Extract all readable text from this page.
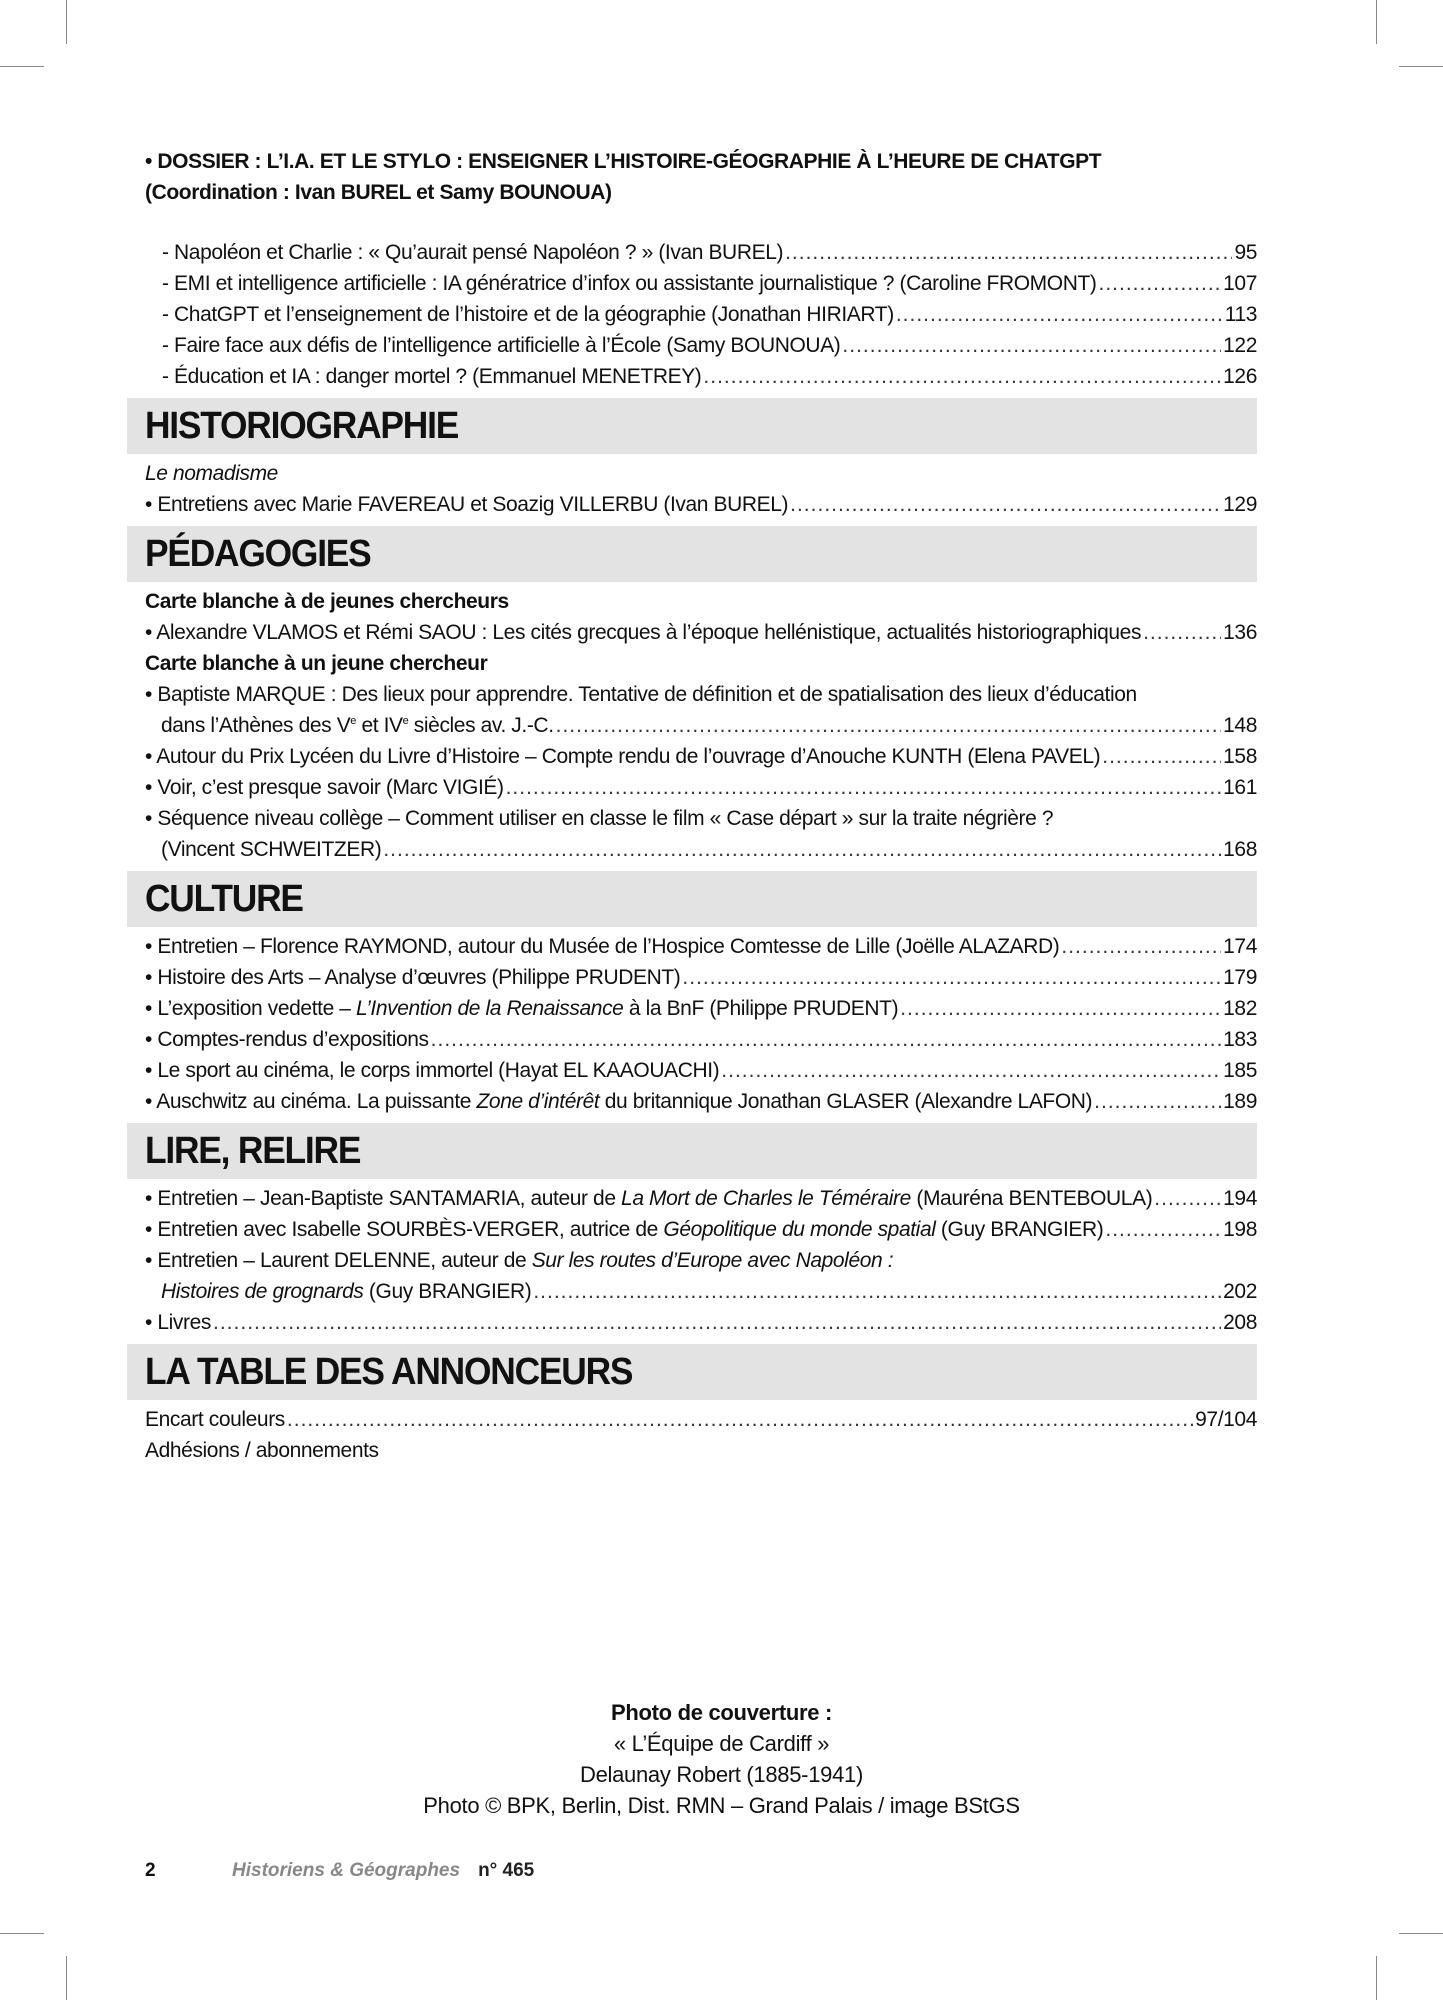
• DOSSIER : L’I.A. ET LE STYLO : ENSEIGNER L’HISTOIRE-GÉOGRAPHIE À L’HEURE DE CHATGPT
(Coordination : Ivan BUREL et Samy BOUNOUA)
- Napoléon et Charlie : « Qu’aurait pensé Napoléon ? » (Ivan BUREL) .....	95
- EMI et intelligence artificielle : IA génératrice d’infox ou assistante journalistique ? (Caroline FROMONT) .....	107
- ChatGPT et l’enseignement de l’histoire et de la géographie (Jonathan HIRIART) .....	113
- Faire face aux défis de l’intelligence artificielle à l’École (Samy BOUNOUA) .....	122
- Éducation et IA : danger mortel ? (Emmanuel MENETREY) .....	126
HISTORIOGRAPHIE
Le nomadisme
• Entretiens avec Marie FAVEREAU et Soazig VILLERBU (Ivan BUREL) .....	129
PÉDAGOGIES
Carte blanche à de jeunes chercheurs
• Alexandre VLAMOS et Rémi SAOU : Les cités grecques à l’époque hellénistique, actualités historiographiques .....	136
Carte blanche à un jeune chercheur
• Baptiste MARQUE : Des lieux pour apprendre. Tentative de définition et de spatialisation des lieux d’éducation
dans l’Athènes des Ve et IVe siècles av. J.-C. .....	148
• Autour du Prix Lycéen du Livre d’Histoire – Compte rendu de l’ouvrage d’Anouche KUNTH (Elena PAVEL) .....	158
• Voir, c’est presque savoir (Marc VIGIÉ) .....	161
• Séquence niveau collège – Comment utiliser en classe le film « Case départ » sur la traite négrière ?
(Vincent SCHWEITZER) .....	168
CULTURE
• Entretien – Florence RAYMOND, autour du Musée de l’Hospice Comtesse de Lille (Joëlle ALAZARD) .....	174
• Histoire des Arts – Analyse d’œuvres (Philippe PRUDENT) .....	179
• L’exposition vedette – L’Invention de la Renaissance à la BnF (Philippe PRUDENT) .....	182
• Comptes-rendus d’expositions .....	183
• Le sport au cinéma, le corps immortel (Hayat EL KAAOUACHI) .....	185
• Auschwitz au cinéma. La puissante Zone d’intérêt du britannique Jonathan GLASER (Alexandre LAFON) .....	189
LIRE, RELIRE
• Entretien – Jean-Baptiste SANTAMARIA, auteur de La Mort de Charles le Téméraire (Mauréna BENTEBOULA) .....	194
• Entretien avec Isabelle SOURBÈS-VERGER, autrice de Géopolitique du monde spatial (Guy BRANGIER) .....	198
• Entretien – Laurent DELENNE, auteur de Sur les routes d’Europe avec Napoléon :
Histoires de grognards (Guy BRANGIER) .....	202
• Livres .....	208
LA TABLE DES ANNONCEURS
Encart couleurs .....	97/104
Adhésions / abonnements
Photo de couverture :
« L’Équipe de Cardiff »
Delaunay Robert (1885-1941)
Photo © BPK, Berlin, Dist. RMN – Grand Palais / image BStGS
2	Historiens & Géographes n° 465
